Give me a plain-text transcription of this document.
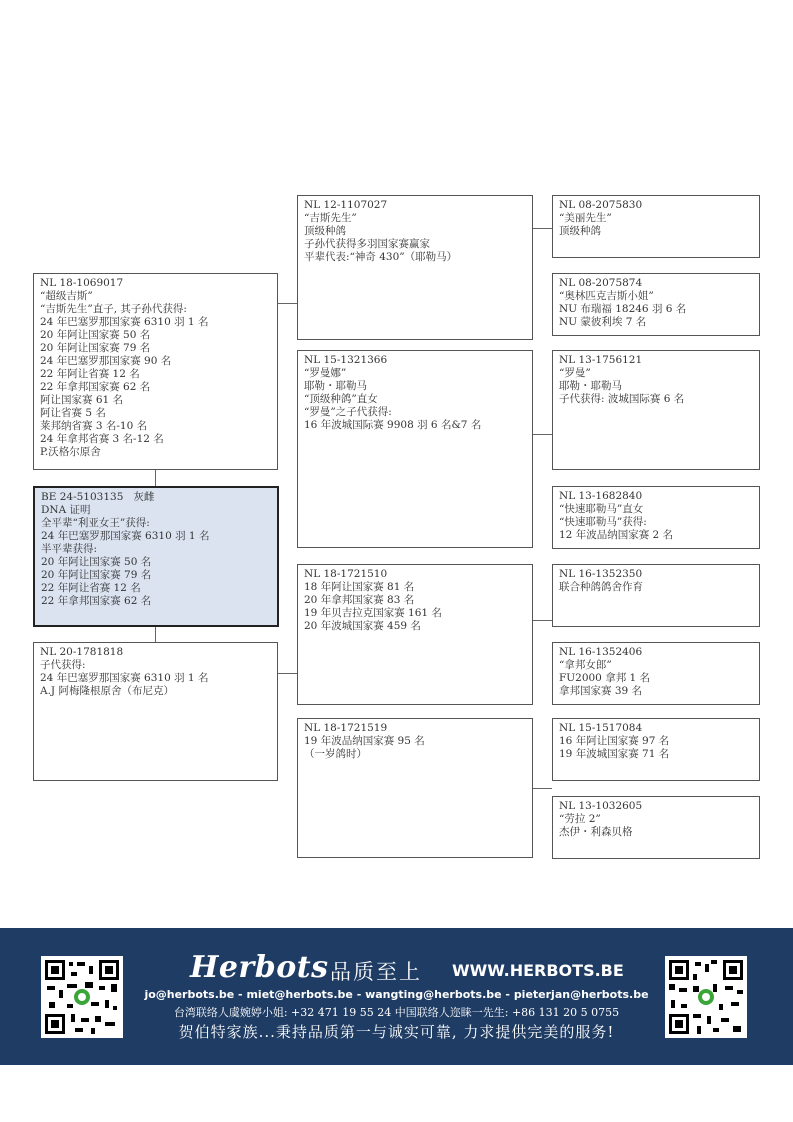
NL 18-1069017
“超级吉斯”
“吉斯先生”直子, 其子孙代获得:
24 年巴塞罗那国家赛 6310 羽 1 名
20 年阿让国家赛 50 名
20 年阿让国家赛 79 名
24 年巴塞罗那国家赛 90 名
22 年阿让省赛 12 名
22 年拿邦国家赛 62 名
阿让国家赛 61 名
阿让省赛 5 名
莱邦纳省赛 3 名-10 名
24 年拿邦省赛 3 名-12 名
P.沃格尔原舍
BE 24-5103135   灰雌
DNA 证明
全平辈“利亚女王”获得:
24 年巴塞罗那国家赛 6310 羽 1 名
半平辈获得:
20 年阿让国家赛 50 名
20 年阿让国家赛 79 名
22 年阿让省赛 12 名
22 年拿邦国家赛 62 名
NL 20-1781818
子代获得:
24 年巴塞罗那国家赛 6310 羽 1 名
A.J 阿梅隆根原舍（布尼克）
NL 12-1107027
“吉斯先生”
顶级种鸽
子孙代获得多羽国家赛赢家
平辈代表:“神奇 430”（耶勒马）
NL 15-1321366
“罗曼娜”
耶勒・耶勒马
“顶级种鸽”直女
“罗曼”之子代获得:
16 年波城国际赛 9908 羽 6 名&7 名
NL 18-1721510
18 年阿让国家赛 81 名
20 年拿邦国家赛 83 名
19 年贝吉拉克国家赛 161 名
20 年波城国家赛 459 名
NL 18-1721519
19 年波品纳国家赛 95 名
（一岁鸽时）
NL 08-2075830
“美丽先生”
顶级种鸽
NL 08-2075874
“奥林匹克吉斯小姐”
NU 布瑞福 18246 羽 6 名
NU 蒙彼利埃 7 名
NL 13-1756121
“罗曼”
耶勒・耶勒马
子代获得: 波城国际赛 6 名
NL 13-1682840
“快速耶勒马”直女
“快速耶勒马”获得:
12 年波品纳国家赛 2 名
NL 16-1352350
联合种鸽鸽舍作育
NL 16-1352406
“拿邦女郎”
FU2000 拿邦 1 名
拿邦国家赛 39 名
NL 15-1517084
16 年阿让国家赛 97 名
19 年波城国家赛 71 名
NL 13-1032605
“劳拉 2”
杰伊・利森贝格
Herbots 品质至上 WWW.HERBOTS.BE
jo@herbots.be - miet@herbots.be - wangting@herbots.be - pieterjan@herbots.be
台湾联络人虞婉婷小姐: +32 471 19 55 24 中国联络人迩睐一先生: +86 131 20 5 0755
贺伯特家族...秉持品质第一与诚实可靠, 力求提供完美的服务!
